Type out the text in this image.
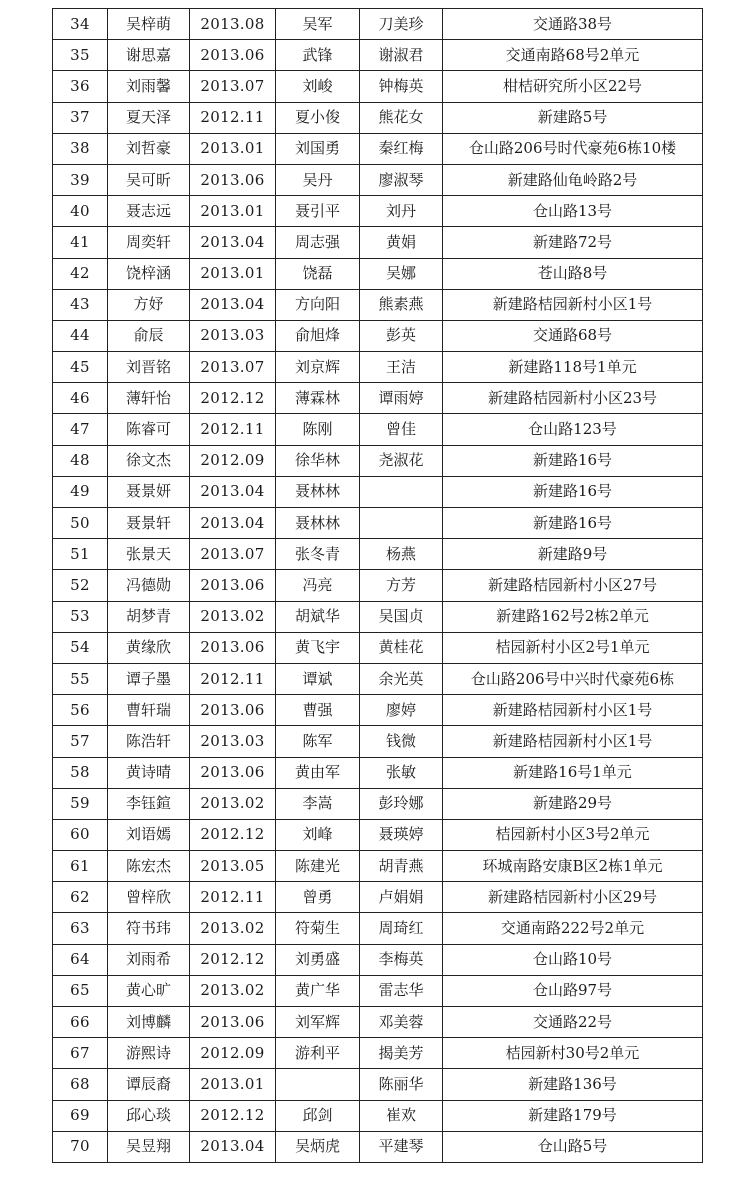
34	吴梓萌	2013.08	吴军	刀美珍	交通路38号
35	谢思嘉	2013.06	武锋	谢淑君	交通南路68号2单元
36	刘雨馨	2013.07	刘峻	钟梅英	柑桔研究所小区22号
37	夏天泽	2012.11	夏小俊	熊花女	新建路5号
38	刘哲豪	2013.01	刘国勇	秦红梅	仓山路206号时代豪苑6栋10楼
39	吴可昕	2013.06	吴丹	廖淑琴	新建路仙龟岭路2号
40	聂志远	2013.01	聂引平	刘丹	仓山路13号
41	周奕轩	2013.04	周志强	黄娟	新建路72号
42	饶梓涵	2013.01	饶磊	吴娜	苍山路8号
43	方妤	2013.04	方向阳	熊素燕	新建路桔园新村小区1号
44	俞辰	2013.03	俞旭烽	彭英	交通路68号
45	刘晋铭	2013.07	刘京辉	王洁	新建路118号1单元
46	薄轩怡	2012.12	薄霖林	谭雨婷	新建路桔园新村小区23号
47	陈睿可	2012.11	陈刚	曾佳	仓山路123号
48	徐文杰	2012.09	徐华林	尧淑花	新建路16号
49	聂景妍	2013.04	聂林林		新建路16号
50	聂景轩	2013.04	聂林林		新建路16号
51	张景天	2013.07	张冬青	杨燕	新建路9号
52	冯德勋	2013.06	冯亮	方芳	新建路桔园新村小区27号
53	胡梦青	2013.02	胡斌华	吴国贞	新建路162号2栋2单元
54	黄缘欣	2013.06	黄飞宇	黄桂花	桔园新村小区2号1单元
55	谭子墨	2012.11	谭斌	余光英	仓山路206号中兴时代豪苑6栋
56	曹轩瑞	2013.06	曹强	廖婷	新建路桔园新村小区1号
57	陈浩轩	2013.03	陈军	钱微	新建路桔园新村小区1号
58	黄诗晴	2013.06	黄由军	张敏	新建路16号1单元
59	李钰鍹	2013.02	李嵩	彭玲娜	新建路29号
60	刘语嫣	2012.12	刘峰	聂瑛婷	桔园新村小区3号2单元
61	陈宏杰	2013.05	陈建光	胡青燕	环城南路安康B区2栋1单元
62	曾梓欣	2012.11	曾勇	卢娟娟	新建路桔园新村小区29号
63	符书玮	2013.02	符菊生	周琦红	交通南路222号2单元
64	刘雨希	2012.12	刘勇盛	李梅英	仓山路10号
65	黄心旷	2013.02	黄广华	雷志华	仓山路97号
66	刘博麟	2013.06	刘军辉	邓美蓉	交通路22号
67	游熙诗	2012.09	游利平	揭美芳	桔园新村30号2单元
68	谭辰裔	2013.01		陈丽华	新建路136号
69	邱心琰	2012.12	邱剑	崔欢	新建路179号
70	吴昱翔	2013.04	吴炳虎	平建琴	仓山路5号
